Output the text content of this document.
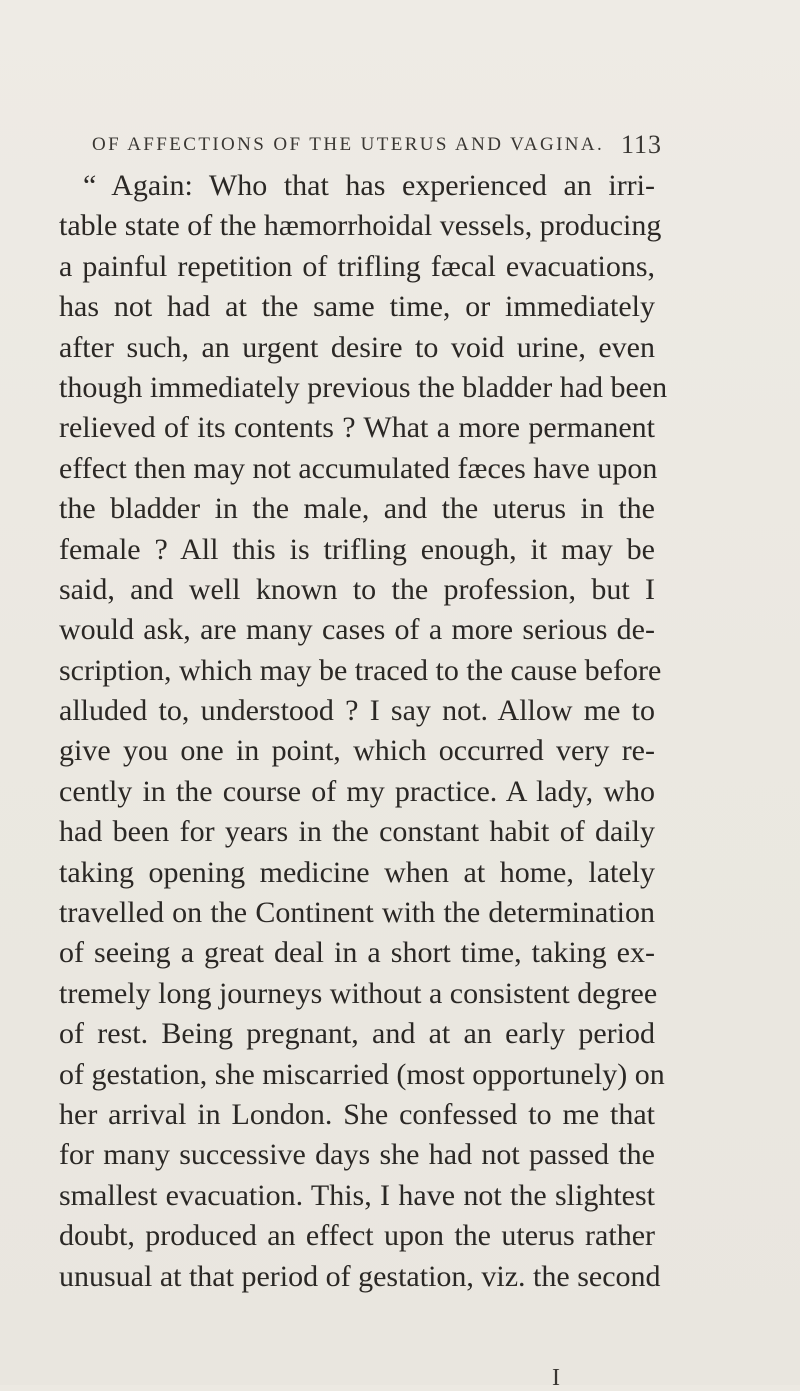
OF AFFECTIONS OF THE UTERUS AND VAGINA. 113
“ Again: Who that has experienced an irri-
table state of the hæmorrhoidal vessels, producing
a painful repetition of trifling fæcal evacuations,
has not had at the same time, or immediately
after such, an urgent desire to void urine, even
though immediately previous the bladder had been
relieved of its contents ? What a more permanent
effect then may not accumulated fæces have upon
the bladder in the male, and the uterus in the
female ? All this is trifling enough, it may be
said, and well known to the profession, but I
would ask, are many cases of a more serious de-
scription, which may be traced to the cause before
alluded to, understood ? I say not. Allow me to
give you one in point, which occurred very re-
cently in the course of my practice. A lady, who
had been for years in the constant habit of daily
taking opening medicine when at home, lately
travelled on the Continent with the determination
of seeing a great deal in a short time, taking ex-
tremely long journeys without a consistent degree
of rest. Being pregnant, and at an early period
of gestation, she miscarried (most opportunely) on
her arrival in London. She confessed to me that
for many successive days she had not passed the
smallest evacuation. This, I have not the slightest
doubt, produced an effect upon the uterus rather
unusual at that period of gestation, viz. the second
I
